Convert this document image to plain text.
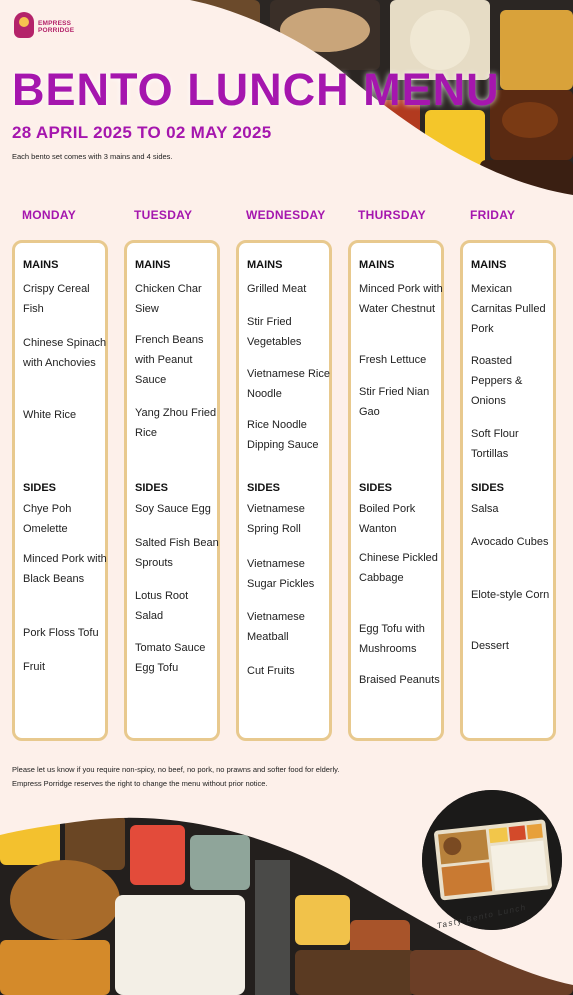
EMPRESS PORRIDGE
BENTO LUNCH MENU
28 APRIL 2025 TO 02 MAY 2025
Each bento set comes with 3 mains and 4 sides.
MONDAY	TUESDAY	WEDNESDAY	THURSDAY	FRIDAY
MAINS
Crispy Cereal Fish
Chinese Spinach with Anchovies
White Rice
SIDES
Chye Poh Omelette
Minced Pork with Black Beans
Pork Floss Tofu
Fruit
MAINS
Chicken Char Siew
French Beans with Peanut Sauce
Yang Zhou Fried Rice
SIDES
Soy Sauce Egg
Salted Fish Bean Sprouts
Lotus Root Salad
Tomato Sauce Egg Tofu
MAINS
Grilled Meat
Stir Fried Vegetables
Vietnamese Rice Noodle
Rice Noodle Dipping Sauce
SIDES
Vietnamese Spring Roll
Vietnamese Sugar Pickles
Vietnamese Meatball
Cut Fruits
MAINS
Minced Pork with Water Chestnut
Fresh Lettuce
Stir Fried Nian Gao
SIDES
Boiled Pork Wanton
Chinese Pickled Cabbage
Egg Tofu with Mushrooms
Braised Peanuts
MAINS
Mexican Carnitas Pulled Pork
Roasted Peppers & Onions
Soft Flour Tortillas
SIDES
Salsa
Avocado Cubes
Elote-style Corn
Dessert
Please let us know if you require non-spicy, no beef, no pork, no prawns and softer food for elderly.
Empress Porridge reserves the right to change the menu without prior notice.
Tasty Bento Lunch
